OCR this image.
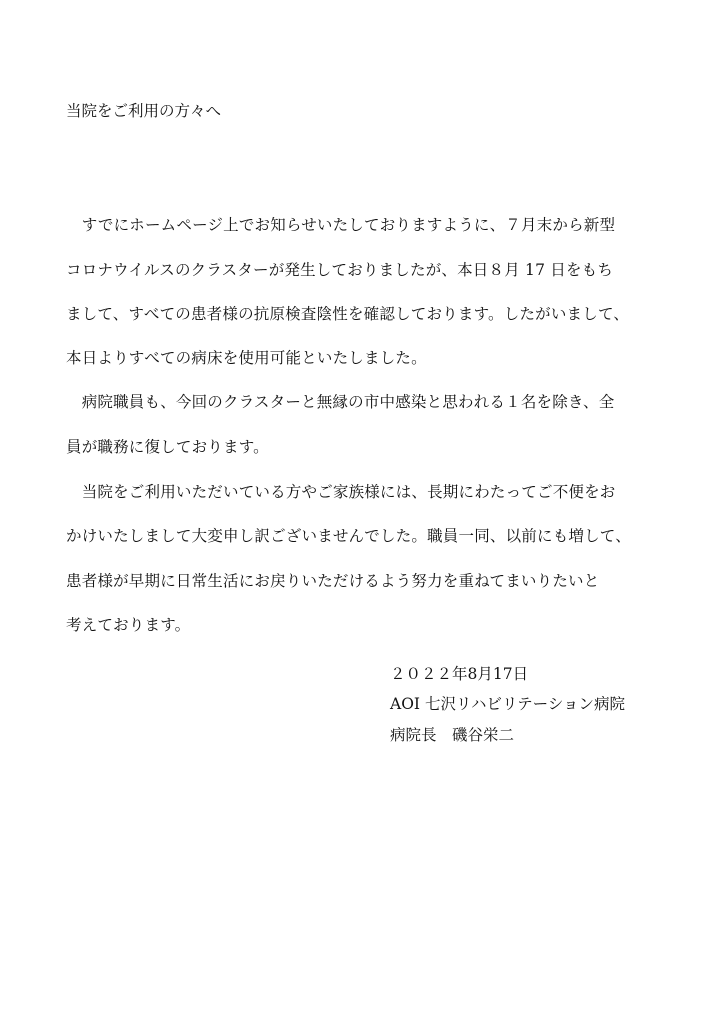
当院をご利用の方々へ
　すでにホームページ上でお知らせいたしておりますように、７月末から新型
コロナウイルスのクラスターが発生しておりましたが、本日８月 17 日をもち
まして、すべての患者様の抗原検査陰性を確認しております。したがいまして、
本日よりすべての病床を使用可能といたしました。
　病院職員も、今回のクラスターと無縁の市中感染と思われる１名を除き、全
員が職務に復しております。
　当院をご利用いただいている方やご家族様には、長期にわたってご不便をお
かけいたしまして大変申し訳ございませんでした。職員一同、以前にも増して、
患者様が早期に日常生活にお戻りいただけるよう努力を重ねてまいりたいと
考えております。
２０２２年8月17日
AOI 七沢リハビリテーション病院
病院長　磯谷栄二
